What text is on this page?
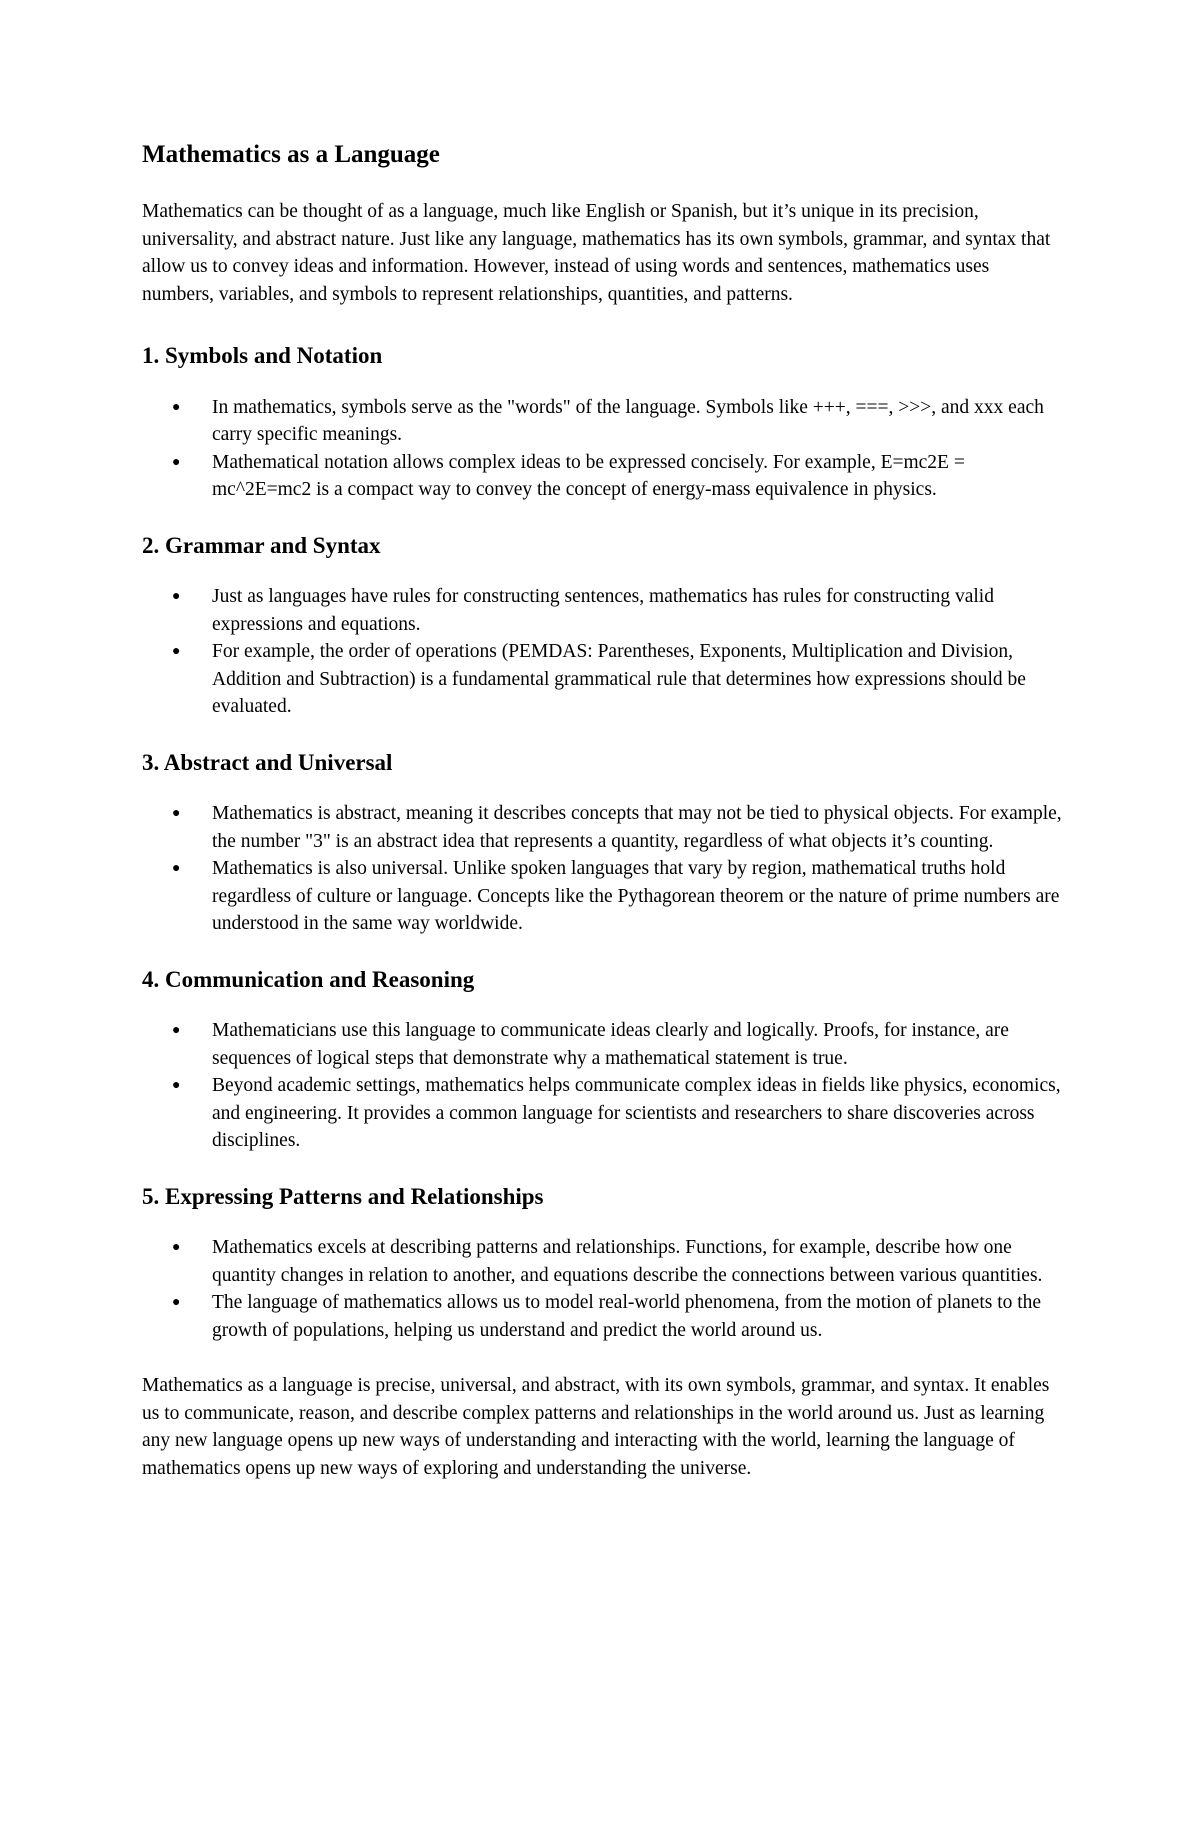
Mathematics as a Language

Mathematics can be thought of as a language, much like English or Spanish, but it’s unique in its precision, universality, and abstract nature. Just like any language, mathematics has its own symbols, grammar, and syntax that allow us to convey ideas and information. However, instead of using words and sentences, mathematics uses numbers, variables, and symbols to represent relationships, quantities, and patterns.

1. Symbols and Notation
● In mathematics, symbols serve as the "words" of the language. Symbols like +++, ===, >>>, and xxx each carry specific meanings.
● Mathematical notation allows complex ideas to be expressed concisely. For example, E=mc2E = mc^2E=mc2 is a compact way to convey the concept of energy-mass equivalence in physics.
2. Grammar and Syntax
● Just as languages have rules for constructing sentences, mathematics has rules for constructing valid expressions and equations.
● For example, the order of operations (PEMDAS: Parentheses, Exponents, Multiplication and Division, Addition and Subtraction) is a fundamental grammatical rule that determines how expressions should be evaluated.
3. Abstract and Universal
● Mathematics is abstract, meaning it describes concepts that may not be tied to physical objects. For example, the number "3" is an abstract idea that represents a quantity, regardless of what objects it’s counting.
● Mathematics is also universal. Unlike spoken languages that vary by region, mathematical truths hold regardless of culture or language. Concepts like the Pythagorean theorem or the nature of prime numbers are understood in the same way worldwide.
4. Communication and Reasoning
● Mathematicians use this language to communicate ideas clearly and logically. Proofs, for instance, are sequences of logical steps that demonstrate why a mathematical statement is true.
● Beyond academic settings, mathematics helps communicate complex ideas in fields like physics, economics, and engineering. It provides a common language for scientists and researchers to share discoveries across disciplines.
5. Expressing Patterns and Relationships
● Mathematics excels at describing patterns and relationships. Functions, for example, describe how one quantity changes in relation to another, and equations describe the connections between various quantities.
● The language of mathematics allows us to model real-world phenomena, from the motion of planets to the growth of populations, helping us understand and predict the world around us.

Mathematics as a language is precise, universal, and abstract, with its own symbols, grammar, and syntax. It enables us to communicate, reason, and describe complex patterns and relationships in the world around us. Just as learning any new language opens up new ways of understanding and interacting with the world, learning the language of mathematics opens up new ways of exploring and understanding the universe.
